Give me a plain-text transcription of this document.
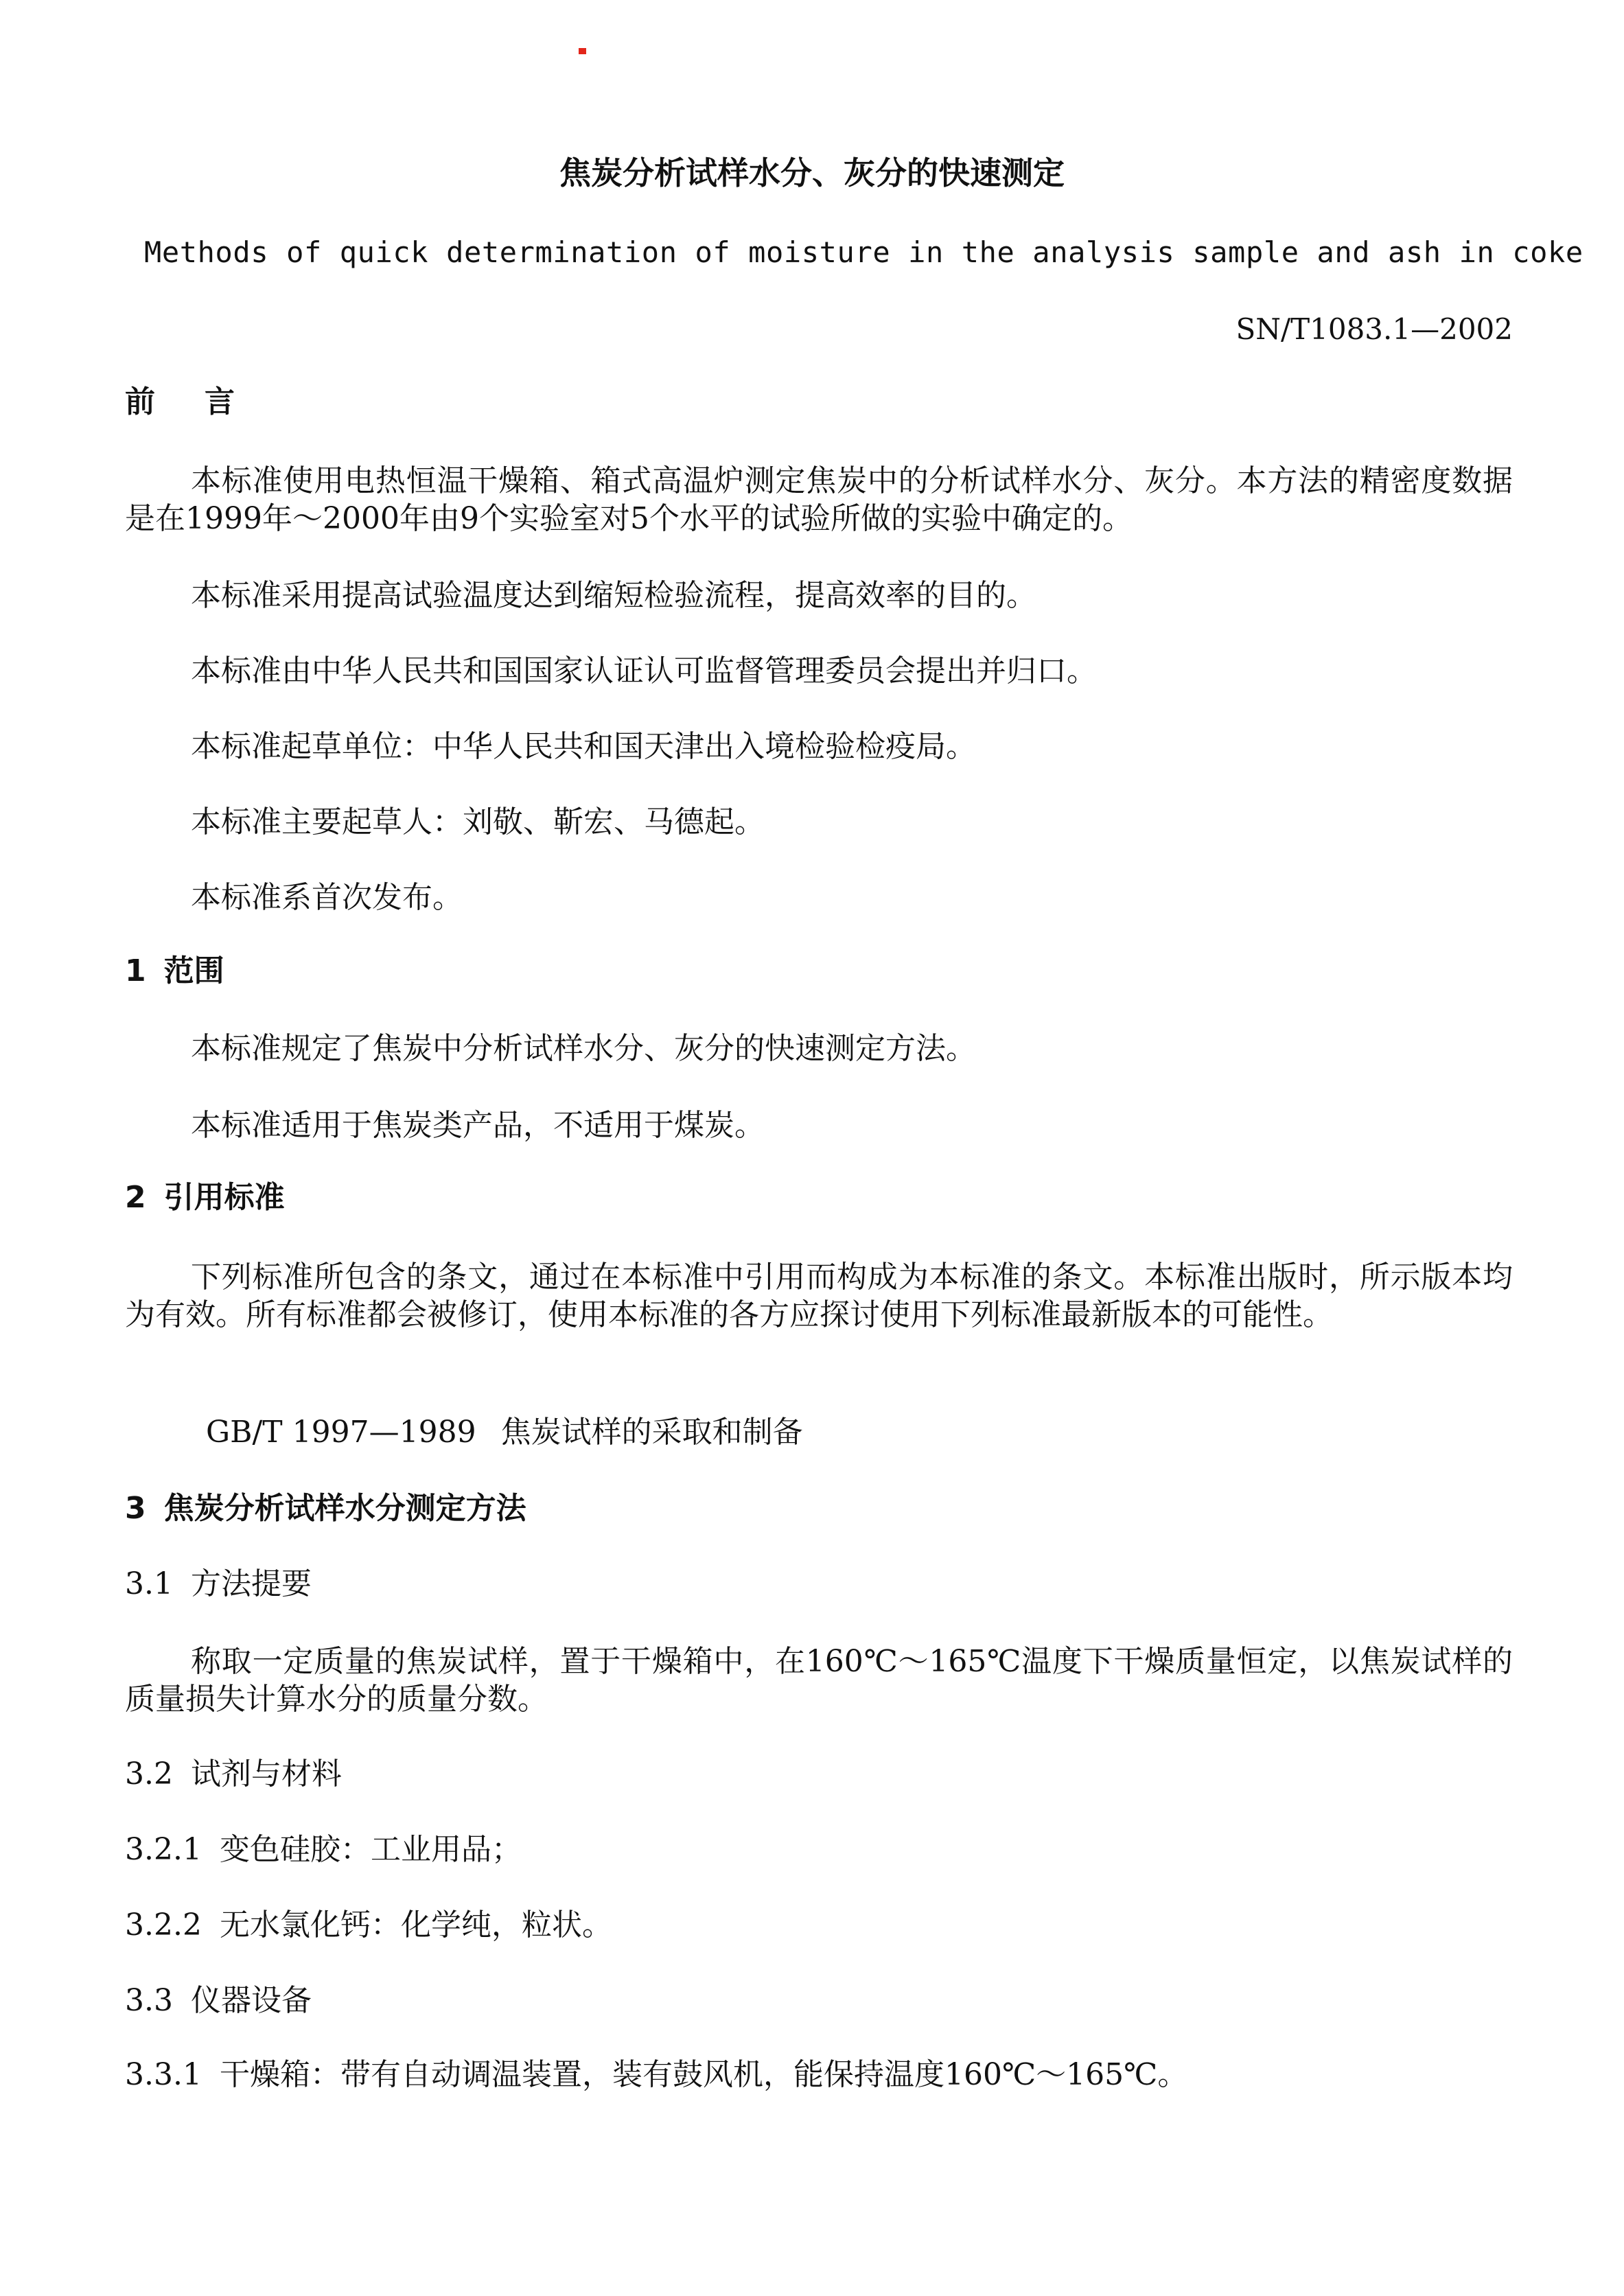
焦炭分析试样水分、灰分的快速测定
Methods of quick determination of moisture in the analysis sample and ash in coke
SN/T1083.1—2002
前言
本标准使用电热恒温干燥箱、箱式高温炉测定焦炭中的分析试样水分、灰分。本方法的精密度数据是在1999年～2000年由9个实验室对5个水平的试验所做的实验中确定的。
本标准采用提高试验温度达到缩短检验流程，提高效率的目的。
本标准由中华人民共和国国家认证认可监督管理委员会提出并归口。
本标准起草单位：中华人民共和国天津出入境检验检疫局。
本标准主要起草人：刘敬、靳宏、马德起。
本标准系首次发布。
1 范围
本标准规定了焦炭中分析试样水分、灰分的快速测定方法。
本标准适用于焦炭类产品，不适用于煤炭。
2 引用标准
下列标准所包含的条文，通过在本标准中引用而构成为本标准的条文。本标准出版时，所示版本均为有效。所有标准都会被修订，使用本标准的各方应探讨使用下列标准最新版本的可能性。
GB/T 1997—1989 焦炭试样的采取和制备
3 焦炭分析试样水分测定方法
3.1 方法提要
称取一定质量的焦炭试样，置于干燥箱中，在160℃～165℃温度下干燥质量恒定，以焦炭试样的质量损失计算水分的质量分数。
3.2 试剂与材料
3.2.1 变色硅胶：工业用品；
3.2.2 无水氯化钙：化学纯，粒状。
3.3 仪器设备
3.3.1 干燥箱：带有自动调温装置，装有鼓风机，能保持温度160℃～165℃。
